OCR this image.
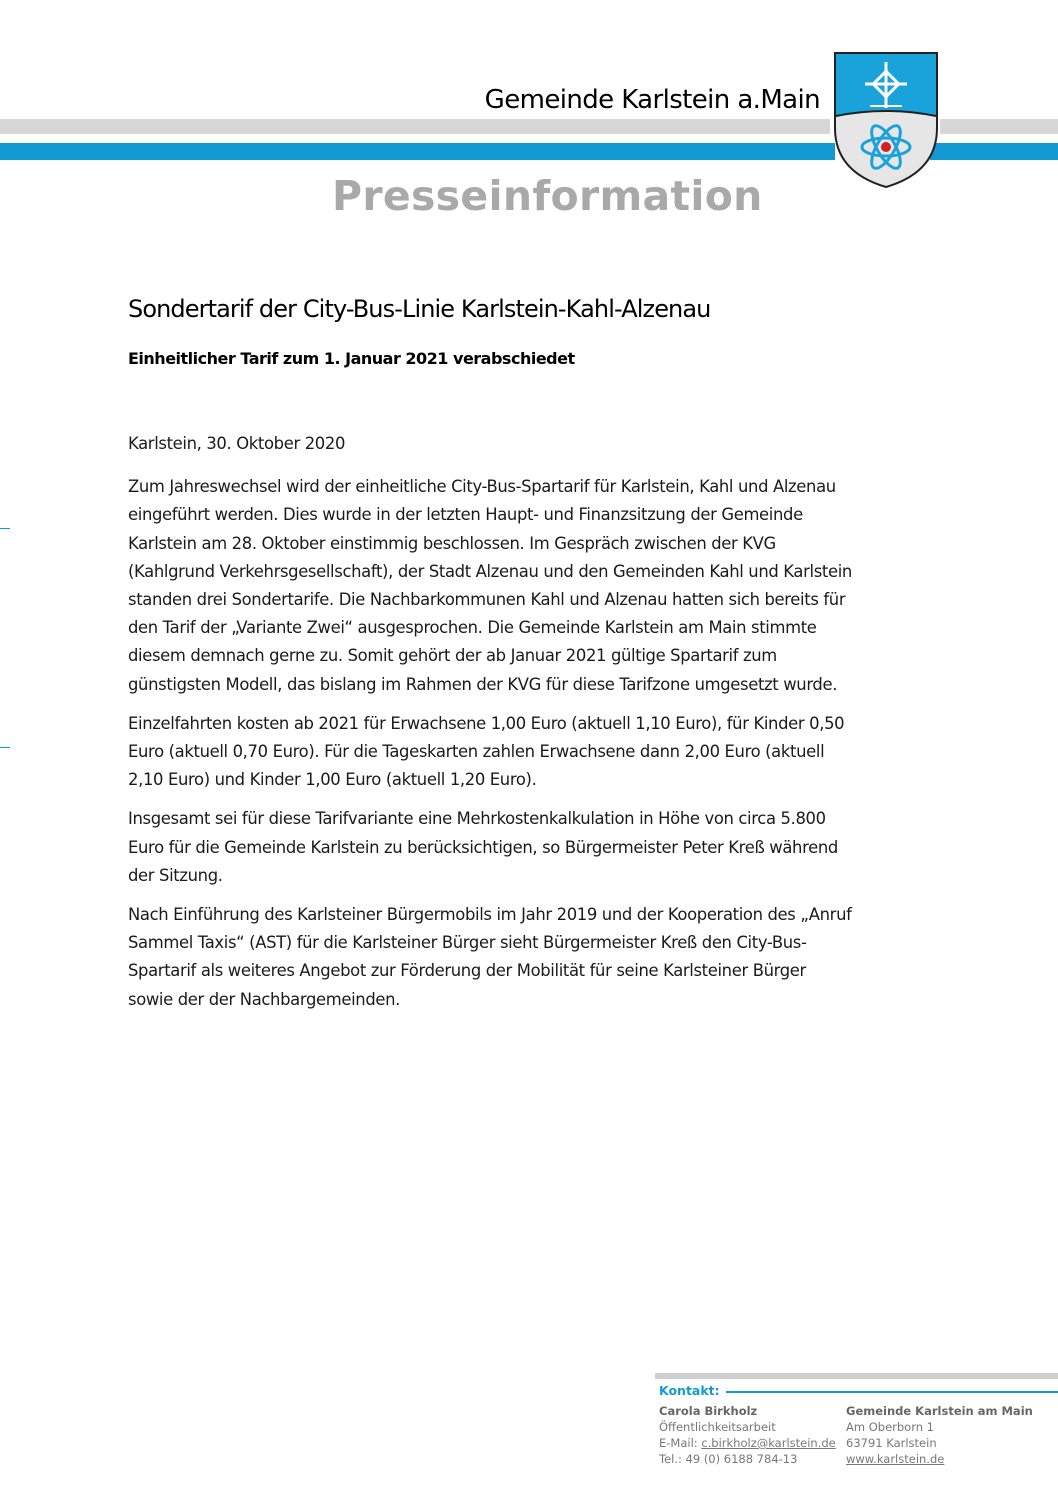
Gemeinde Karlstein a.Main
Presseinformation
Sondertarif der City-Bus-Linie Karlstein-Kahl-Alzenau
Einheitlicher Tarif zum 1. Januar 2021 verabschiedet

Karlstein, 30. Oktober 2020

Zum Jahreswechsel wird der einheitliche City-Bus-Spartarif für Karlstein, Kahl und Alzenau
eingeführt werden. Dies wurde in der letzten Haupt- und Finanzsitzung der Gemeinde
Karlstein am 28. Oktober einstimmig beschlossen. Im Gespräch zwischen der KVG
(Kahlgrund Verkehrsgesellschaft), der Stadt Alzenau und den Gemeinden Kahl und Karlstein
standen drei Sondertarife. Die Nachbarkommunen Kahl und Alzenau hatten sich bereits für
den Tarif der „Variante Zwei“ ausgesprochen. Die Gemeinde Karlstein am Main stimmte
diesem demnach gerne zu. Somit gehört der ab Januar 2021 gültige Spartarif zum
günstigsten Modell, das bislang im Rahmen der KVG für diese Tarifzone umgesetzt wurde.

Einzelfahrten kosten ab 2021 für Erwachsene 1,00 Euro (aktuell 1,10 Euro), für Kinder 0,50
Euro (aktuell 0,70 Euro). Für die Tageskarten zahlen Erwachsene dann 2,00 Euro (aktuell
2,10 Euro) und Kinder 1,00 Euro (aktuell 1,20 Euro).

Insgesamt sei für diese Tarifvariante eine Mehrkostenkalkulation in Höhe von circa 5.800
Euro für die Gemeinde Karlstein zu berücksichtigen, so Bürgermeister Peter Kreß während
der Sitzung.

Nach Einführung des Karlsteiner Bürgermobils im Jahr 2019 und der Kooperation des „Anruf
Sammel Taxis“ (AST) für die Karlsteiner Bürger sieht Bürgermeister Kreß den City-Bus-
Spartarif als weiteres Angebot zur Förderung der Mobilität für seine Karlsteiner Bürger
sowie der der Nachbargemeinden.

Kontakt:
Carola Birkholz
Öffentlichkeitsarbeit
E-Mail: c.birkholz@karlstein.de
Tel.: 49 (0) 6188 784-13
Gemeinde Karlstein am Main
Am Oberborn 1
63791 Karlstein
www.karlstein.de
